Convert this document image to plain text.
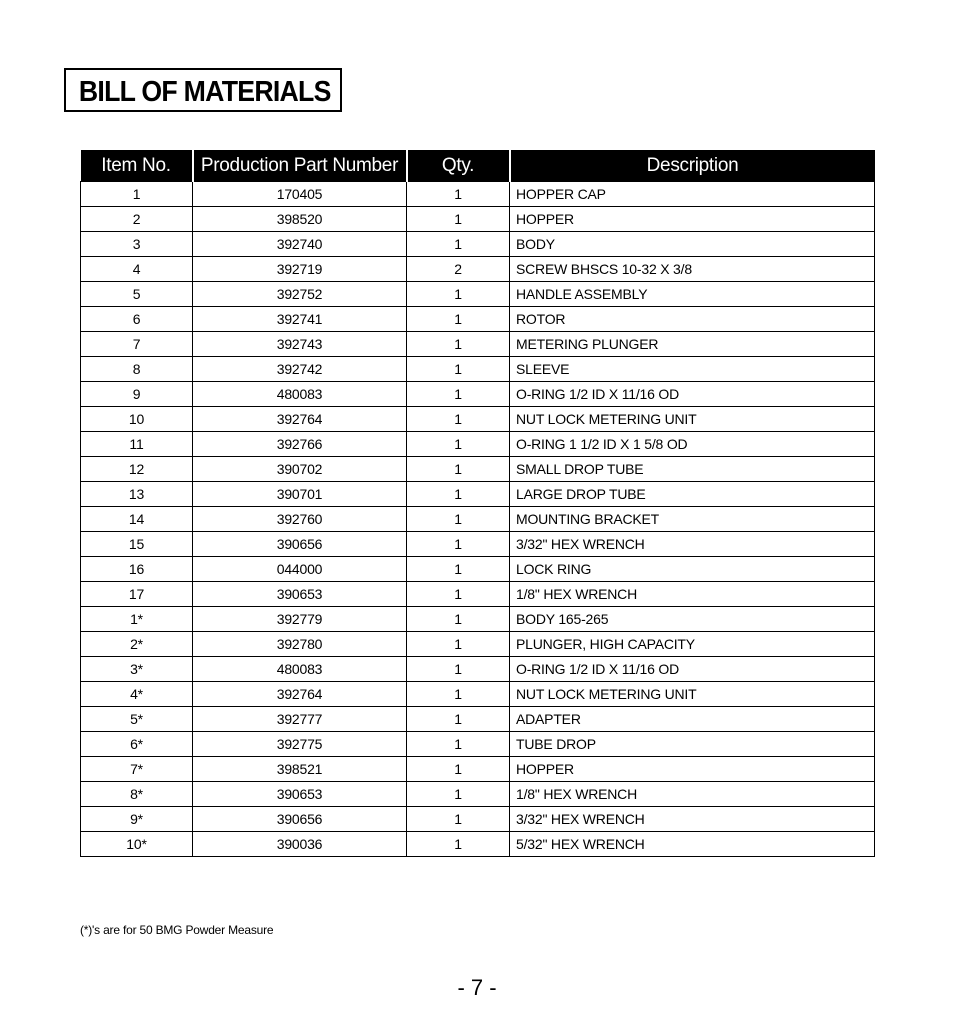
BILL OF MATERIALS
Item No.	Production Part Number	Qty.	Description
1	170405	1	HOPPER CAP
2	398520	1	HOPPER
3	392740	1	BODY
4	392719	2	SCREW BHSCS 10-32 X 3/8
5	392752	1	HANDLE ASSEMBLY
6	392741	1	ROTOR
7	392743	1	METERING PLUNGER
8	392742	1	SLEEVE
9	480083	1	O-RING 1/2 ID X 11/16 OD
10	392764	1	NUT LOCK METERING UNIT
11	392766	1	O-RING 1 1/2 ID X 1 5/8 OD
12	390702	1	SMALL DROP TUBE
13	390701	1	LARGE DROP TUBE
14	392760	1	MOUNTING BRACKET
15	390656	1	3/32" HEX WRENCH
16	044000	1	LOCK RING
17	390653	1	1/8" HEX WRENCH
1*	392779	1	BODY 165-265
2*	392780	1	PLUNGER, HIGH CAPACITY
3*	480083	1	O-RING 1/2 ID X 11/16 OD
4*	392764	1	NUT LOCK METERING UNIT
5*	392777	1	ADAPTER
6*	392775	1	TUBE DROP
7*	398521	1	HOPPER
8*	390653	1	1/8" HEX WRENCH
9*	390656	1	3/32" HEX WRENCH
10*	390036	1	5/32" HEX WRENCH
(*)'s are for 50 BMG Powder Measure
- 7 -
